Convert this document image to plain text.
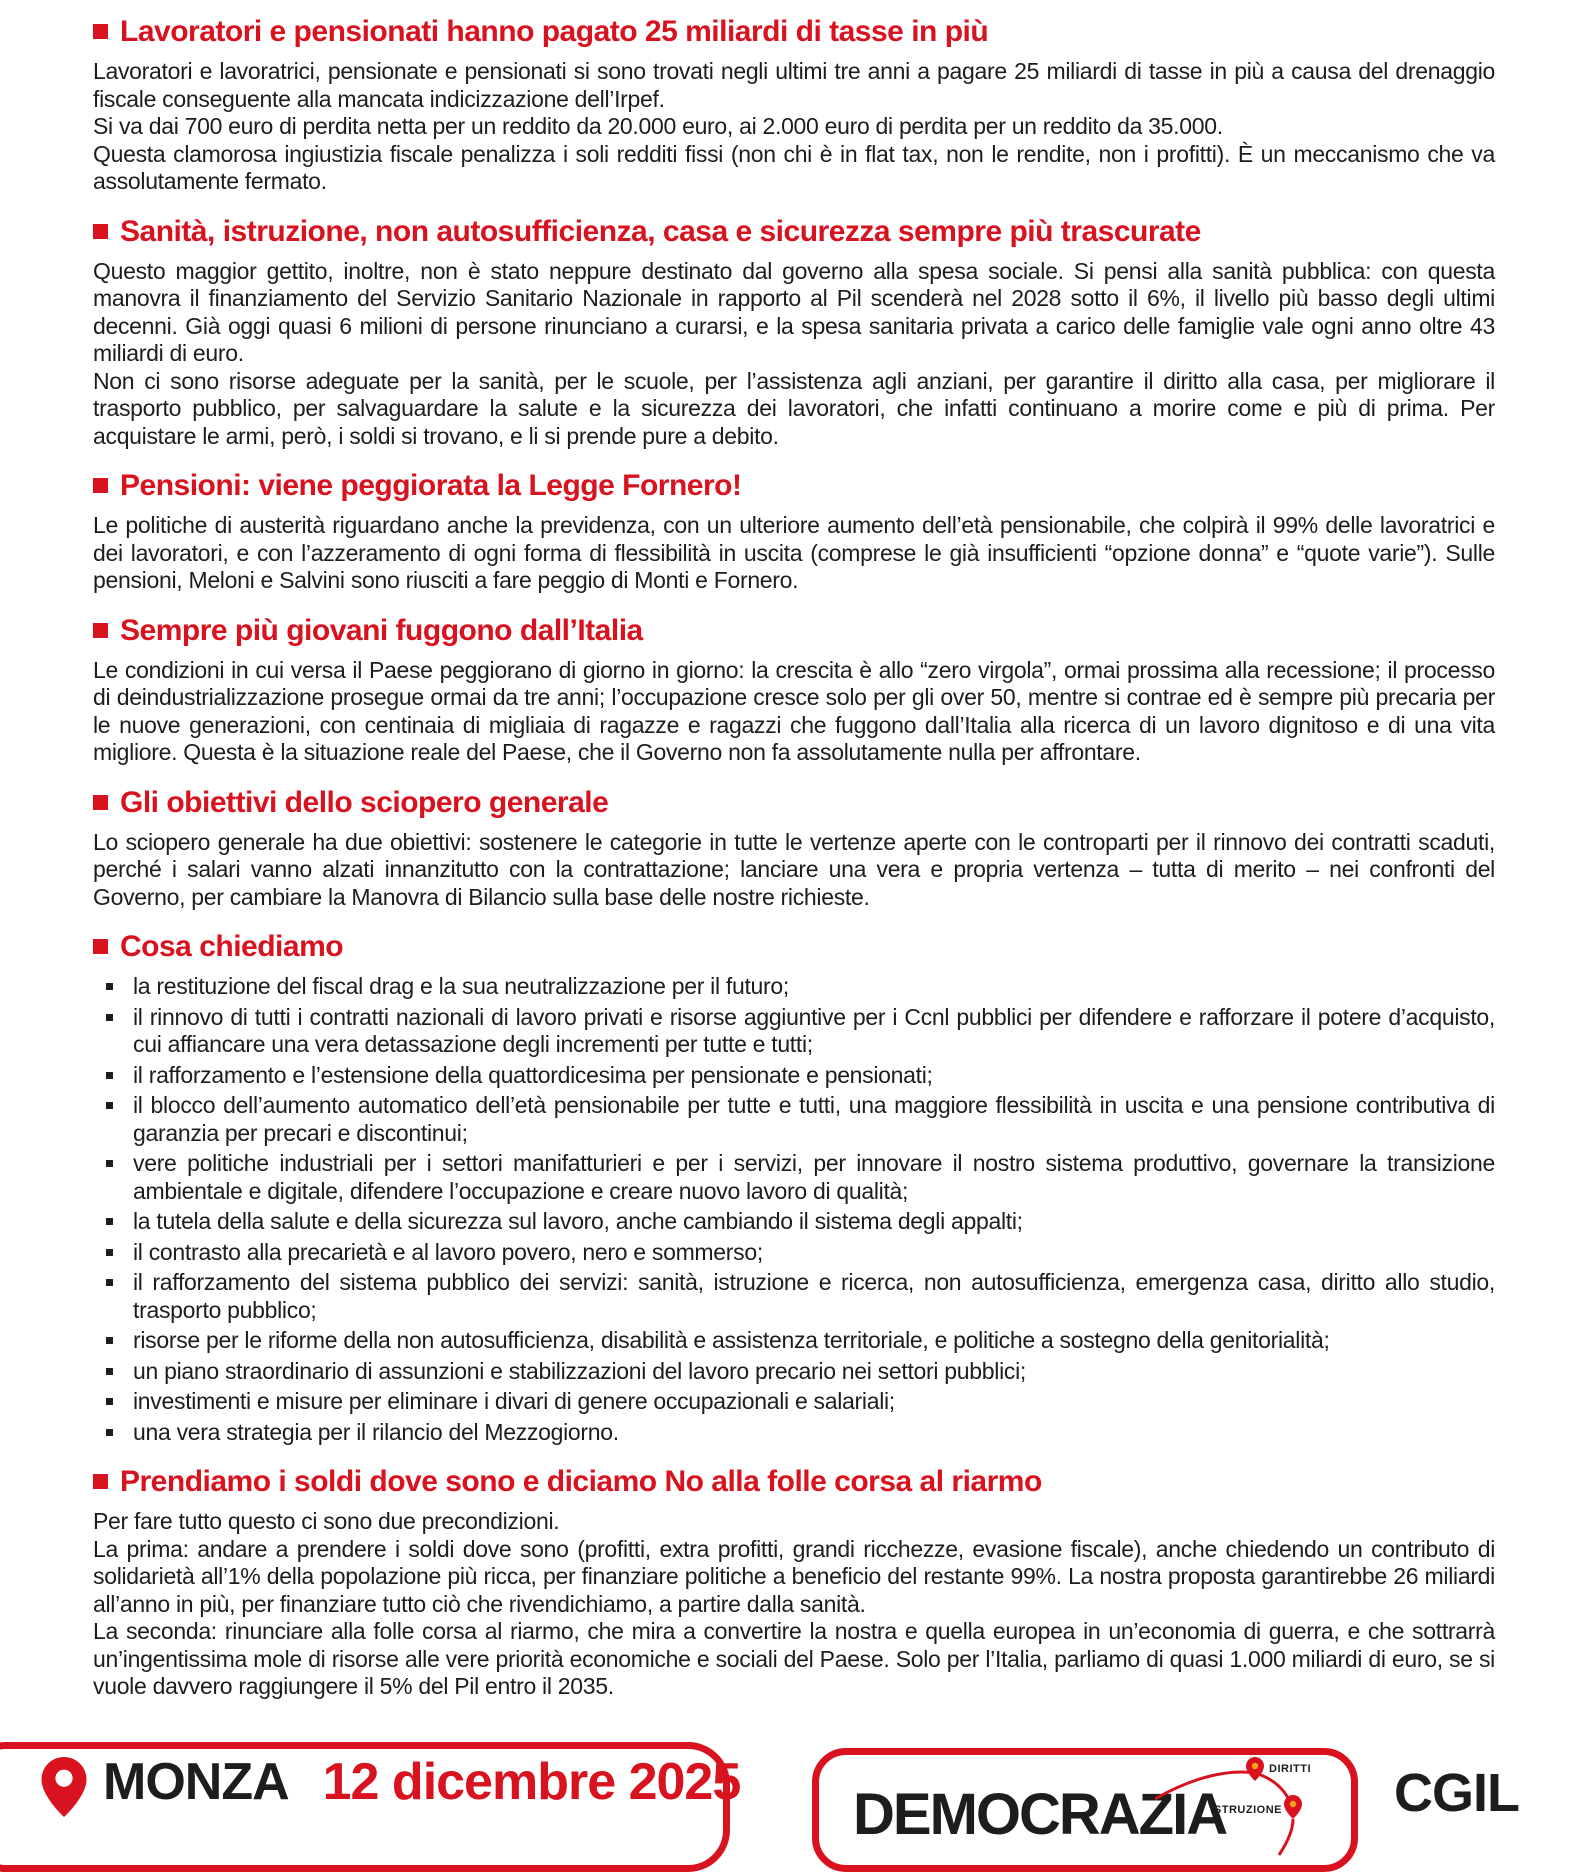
Lavoratori e pensionati hanno pagato 25 miliardi di tasse in più

Lavoratori e lavoratrici, pensionate e pensionati si sono trovati negli ultimi tre anni a pagare 25 miliardi di tasse in più a causa del drenaggio fiscale conseguente alla mancata indicizzazione dell’Irpef.

Si va dai 700 euro di perdita netta per un reddito da 20.000 euro, ai 2.000 euro di perdita per un reddito da 35.000.

Questa clamorosa ingiustizia fiscale penalizza i soli redditi fissi (non chi è in flat tax, non le rendite, non i profitti). È un meccanismo che va assolutamente fermato.

Sanità, istruzione, non autosufficienza, casa e sicurezza sempre più trascurate

Questo maggior gettito, inoltre, non è stato neppure destinato dal governo alla spesa sociale. Si pensi alla sanità pubblica: con questa manovra il finanziamento del Servizio Sanitario Nazionale in rapporto al Pil scenderà nel 2028 sotto il 6%, il livello più basso degli ultimi decenni. Già oggi quasi 6 milioni di persone rinunciano a curarsi, e la spesa sanitaria privata a carico delle famiglie vale ogni anno oltre 43 miliardi di euro.

Non ci sono risorse adeguate per la sanità, per le scuole, per l’assistenza agli anziani, per garantire il diritto alla casa, per migliorare il trasporto pubblico, per salvaguardare la salute e la sicurezza dei lavoratori, che infatti continuano a morire come e più di prima. Per acquistare le armi, però, i soldi si trovano, e li si prende pure a debito.

Pensioni: viene peggiorata la Legge Fornero!

Le politiche di austerità riguardano anche la previdenza, con un ulteriore aumento dell’età pensionabile, che colpirà il 99% delle lavoratrici e dei lavoratori, e con l’azzeramento di ogni forma di flessibilità in uscita (comprese le già insufficienti “opzione donna” e “quote varie”). Sulle pensioni, Meloni e Salvini sono riusciti a fare peggio di Monti e Fornero.

Sempre più giovani fuggono dall’Italia

Le condizioni in cui versa il Paese peggiorano di giorno in giorno: la crescita è allo “zero virgola”, ormai prossima alla recessione; il processo di deindustrializzazione prosegue ormai da tre anni; l’occupazione cresce solo per gli over 50, mentre si contrae ed è sempre più precaria per le nuove generazioni, con centinaia di migliaia di ragazze e ragazzi che fuggono dall’Italia alla ricerca di un lavoro dignitoso e di una vita migliore. Questa è la situazione reale del Paese, che il Governo non fa assolutamente nulla per affrontare.

Gli obiettivi dello sciopero generale

Lo sciopero generale ha due obiettivi: sostenere le categorie in tutte le vertenze aperte con le controparti per il rinnovo dei contratti scaduti, perché i salari vanno alzati innanzitutto con la contrattazione; lanciare una vera e propria vertenza – tutta di merito – nei confronti del Governo, per cambiare la Manovra di Bilancio sulla base delle nostre richieste.

Cosa chiediamo
la restituzione del fiscal drag e la sua neutralizzazione per il futuro;
il rinnovo di tutti i contratti nazionali di lavoro privati e risorse aggiuntive per i Ccnl pubblici per difendere e rafforzare il potere d’acquisto, cui affiancare una vera detassazione degli incrementi per tutte e tutti;
il rafforzamento e l’estensione della quattordicesima per pensionate e pensionati;
il blocco dell’aumento automatico dell’età pensionabile per tutte e tutti, una maggiore flessibilità in uscita e una pensione contributiva di garanzia per precari e discontinui;
vere politiche industriali per i settori manifatturieri e per i servizi, per innovare il nostro sistema produttivo, governare la transizione ambientale e digitale, difendere l’occupazione e creare nuovo lavoro di qualità;
la tutela della salute e della sicurezza sul lavoro, anche cambiando il sistema degli appalti;
il contrasto alla precarietà e al lavoro povero, nero e sommerso;
il rafforzamento del sistema pubblico dei servizi: sanità, istruzione e ricerca, non autosufficienza, emergenza casa, diritto allo studio, trasporto pubblico;
risorse per le riforme della non autosufficienza, disabilità e assistenza territoriale, e politiche a sostegno della genitorialità;
un piano straordinario di assunzioni e stabilizzazioni del lavoro precario nei settori pubblici;
investimenti e misure per eliminare i divari di genere occupazionali e salariali;
una vera strategia per il rilancio del Mezzogiorno.
Prendiamo i soldi dove sono e diciamo No alla folle corsa al riarmo

Per fare tutto questo ci sono due precondizioni.

La prima: andare a prendere i soldi dove sono (profitti, extra profitti, grandi ricchezze, evasione fiscale), anche chiedendo un contributo di solidarietà all’1% della popolazione più ricca, per finanziare politiche a beneficio del restante 99%. La nostra proposta garantirebbe 26 miliardi all’anno in più, per finanziare tutto ciò che rivendichiamo, a partire dalla sanità.

La seconda: rinunciare alla folle corsa al riarmo, che mira a convertire la nostra e quella europea in un’economia di guerra, e che sottrarrà un’ingentissima mole di risorse alle vere priorità economiche e sociali del Paese. Solo per l’Italia, parliamo di quasi 1.000 miliardi di euro, se si vuole davvero raggiungere il 5% del Pil entro il 2035.

MONZA 12 dicembre 2025 DEMOCRAZIA
DIRITTI
ISTRUZIONE CGIL
